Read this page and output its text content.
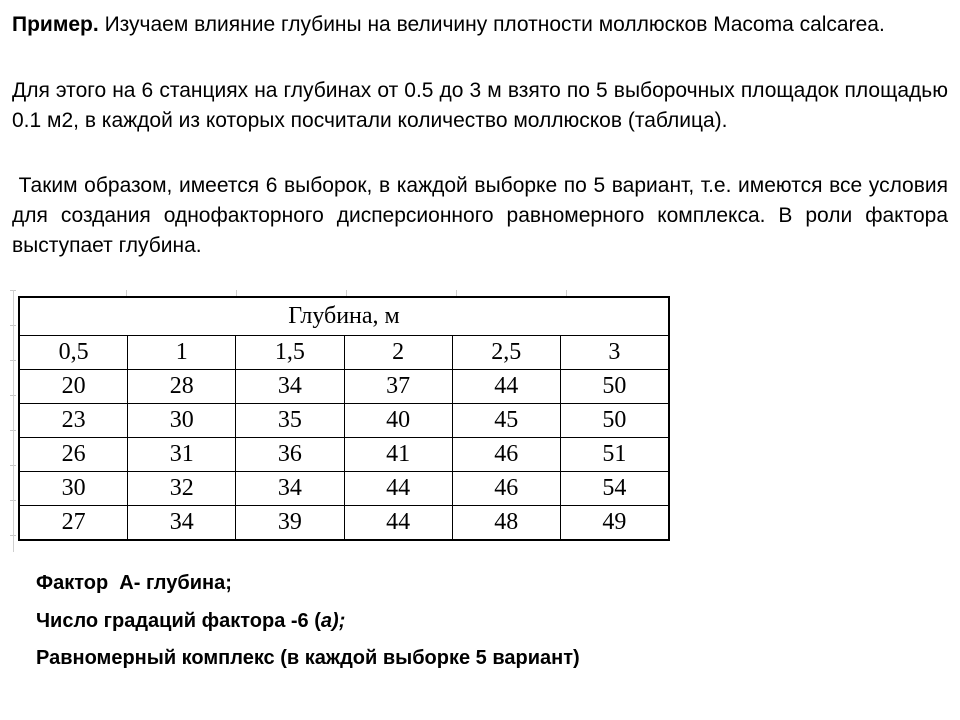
Пример. Изучаем влияние глубины на величину плотности моллюсков Macoma calcarea.

Для этого на 6 станциях на глубинах от 0.5 до 3 м взято по 5 выборочных площадок площадью 0.1 м2, в каждой из которых посчитали количество моллюсков (таблица).

Таким образом, имеется 6 выборок, в каждой выборке по 5 вариант, т.е. имеются все условия для создания однофакторного дисперсионного равномерного комплекса. В роли фактора выступает глубина.

Глубина, м					
0,5	1	1,5	2	2,5	3
20	28	34	37	44	50
23	30	35	40	45	50
26	31	36	41	46	51
30	32	34	44	46	54
27	34	39	44	48	49

Фактор  А- глубина;

Число градаций фактора -6 (а);

Равномерный комплекс (в каждой выборке 5 вариант)
